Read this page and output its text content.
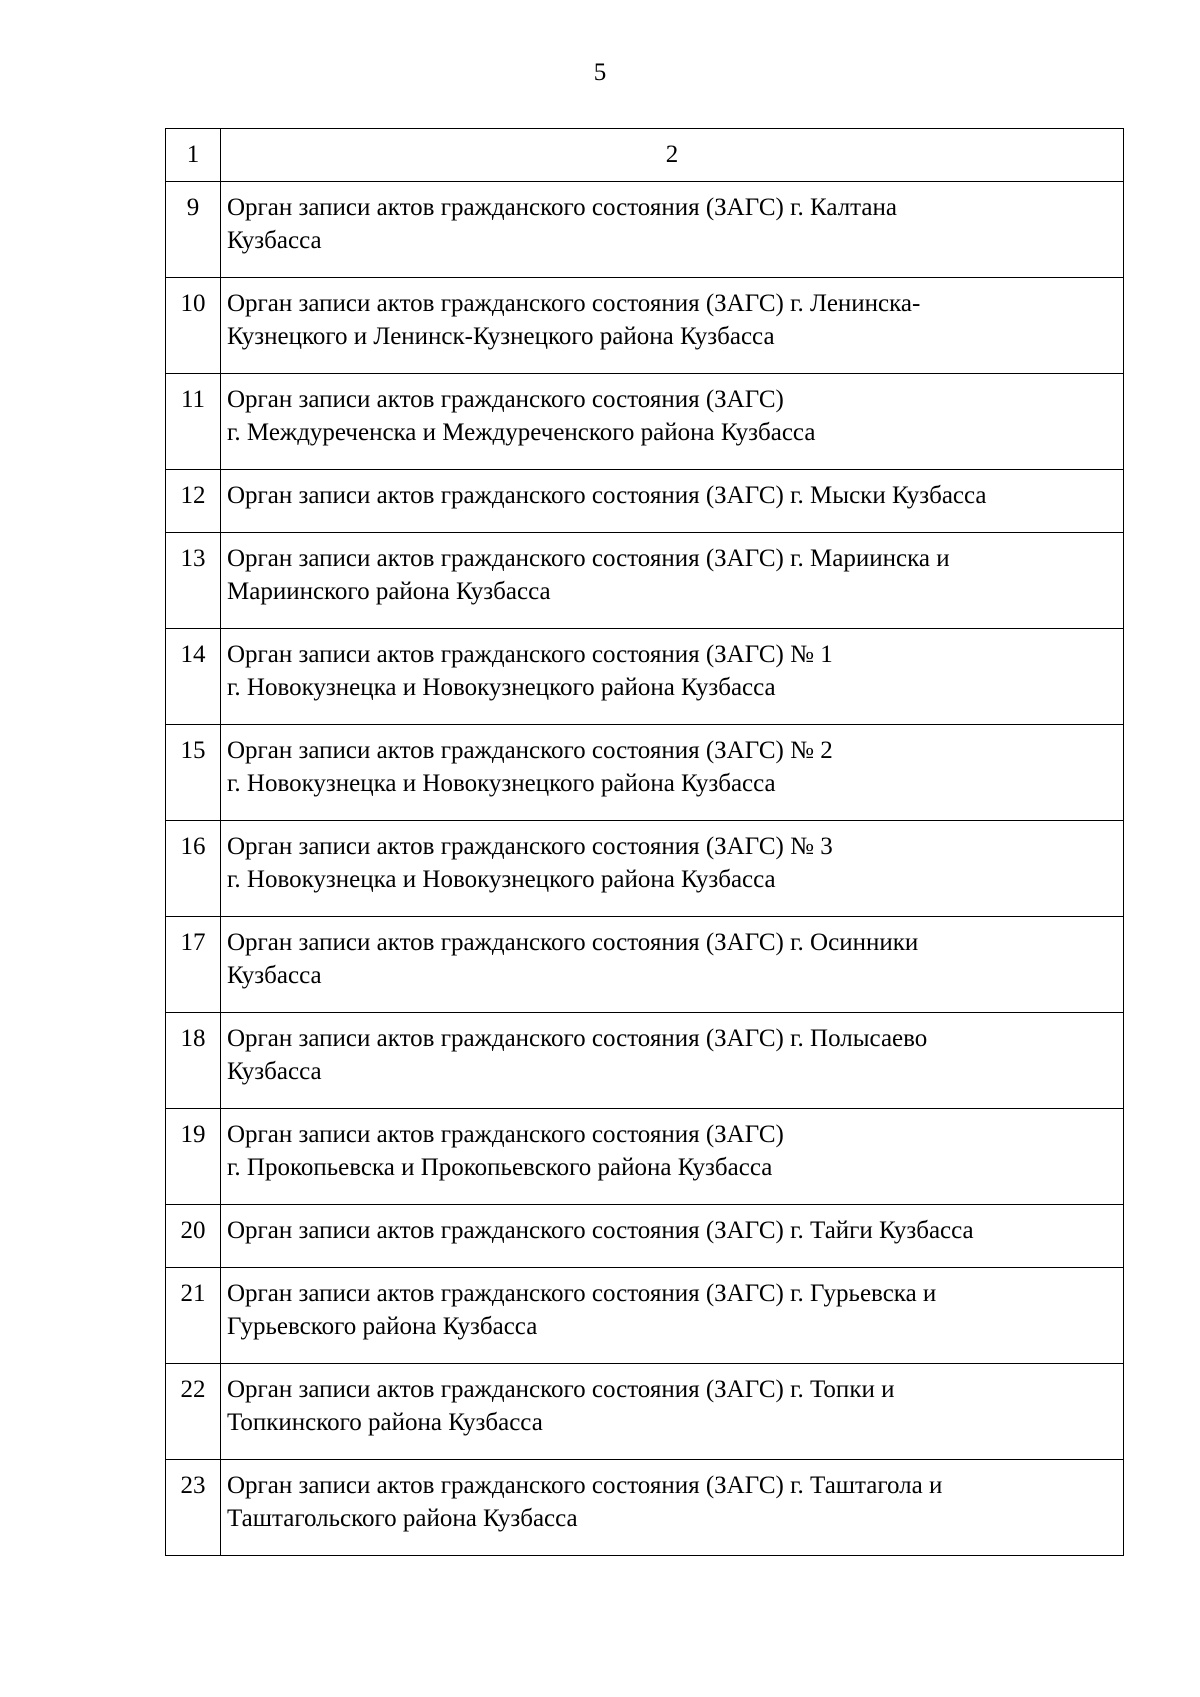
5
1	2
9	Орган записи актов гражданского состояния (ЗАГС) г. Калтана
Кузбасса
10	Орган записи актов гражданского состояния (ЗАГС) г. Ленинска-
Кузнецкого и Ленинск-Кузнецкого района Кузбасса
11	Орган записи актов гражданского состояния (ЗАГС)
г. Междуреченска и Междуреченского района Кузбасса
12	Орган записи актов гражданского состояния (ЗАГС) г. Мыски Кузбасса
13	Орган записи актов гражданского состояния (ЗАГС) г. Мариинска и
Мариинского района Кузбасса
14	Орган записи актов гражданского состояния (ЗАГС) № 1
г. Новокузнецка и Новокузнецкого района Кузбасса
15	Орган записи актов гражданского состояния (ЗАГС) № 2
г. Новокузнецка и Новокузнецкого района Кузбасса
16	Орган записи актов гражданского состояния (ЗАГС) № 3
г. Новокузнецка и Новокузнецкого района Кузбасса
17	Орган записи актов гражданского состояния (ЗАГС) г. Осинники
Кузбасса
18	Орган записи актов гражданского состояния (ЗАГС) г. Полысаево
Кузбасса
19	Орган записи актов гражданского состояния (ЗАГС)
г. Прокопьевска и Прокопьевского района Кузбасса
20	Орган записи актов гражданского состояния (ЗАГС) г. Тайги Кузбасса
21	Орган записи актов гражданского состояния (ЗАГС) г. Гурьевска и
Гурьевского района Кузбасса
22	Орган записи актов гражданского состояния (ЗАГС) г. Топки и
Топкинского района Кузбасса
23	Орган записи актов гражданского состояния (ЗАГС) г. Таштагола и
Таштагольского района Кузбасса
